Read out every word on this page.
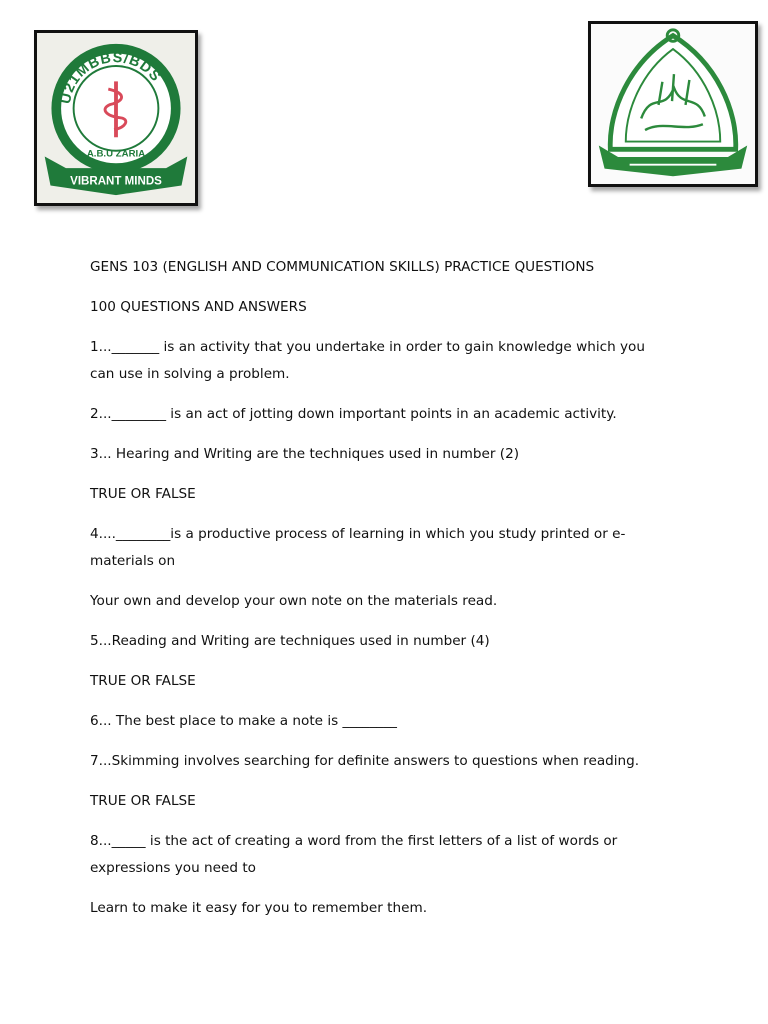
U21MBBS/BDS
A.B.U ZARIA
VIBRANT MINDS

GENS 103 (ENGLISH AND COMMUNICATION SKILLS) PRACTICE QUESTIONS

100 QUESTIONS AND ANSWERS

1..._______ is an activity that you undertake in order to gain knowledge which you

can use in solving a problem.

2...________ is an act of jotting down important points in an academic activity.

3... Hearing and Writing are the techniques used in number (2)

TRUE OR FALSE

4....________is a productive process of learning in which you study printed or e-

materials on

Your own and develop your own note on the materials read.

5...Reading and Writing are techniques used in number (4)

TRUE OR FALSE

6... The best place to make a note is ________

7...Skimming involves searching for definite answers to questions when reading.

TRUE OR FALSE

8..._____ is the act of creating a word from the first letters of a list of words or

expressions you need to

Learn to make it easy for you to remember them.
